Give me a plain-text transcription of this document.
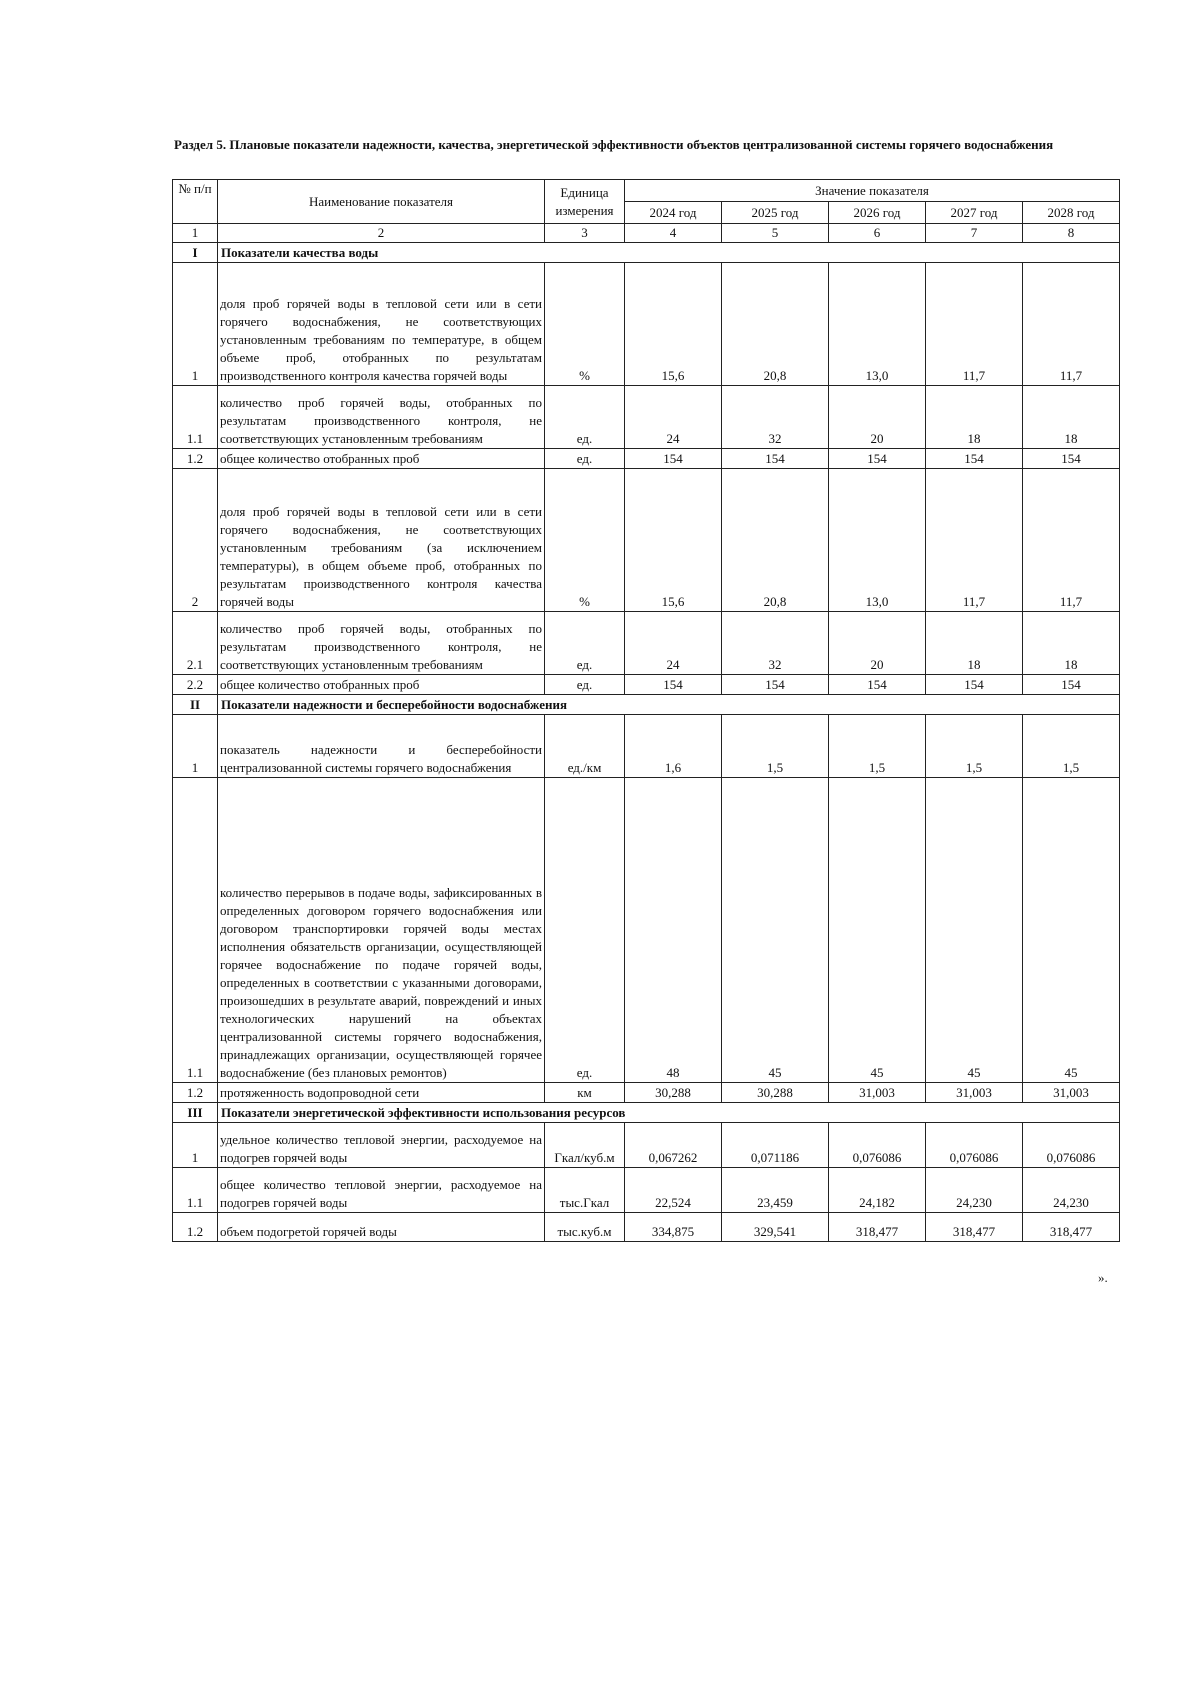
Раздел 5. Плановые показатели надежности, качества, энергетической эффективности объектов централизованной системы горячего водоснабжения
№ п/п	Наименование показателя	Единица измерения	Значение показателя				
			2024 год	2025 год	2026 год	2027 год	2028 год
1	2	3	4	5	6	7	8
I	Показатели качества воды						
1	доля проб горячей воды в тепловой сети или в сети горячего водоснабжения, не соответствующих установленным требованиям по температуре, в общем объеме проб, отобранных по результатам производственного контроля качества горячей воды	%	15,6	20,8	13,0	11,7	11,7
1.1	количество проб горячей воды, отобранных по результатам производственного контроля, не соответствующих установленным требованиям	ед.	24	32	20	18	18
1.2	общее количество отобранных проб	ед.	154	154	154	154	154
2	доля проб горячей воды в тепловой сети или в сети горячего водоснабжения, не соответствующих установленным требованиям (за исключением температуры), в общем объеме проб, отобранных по результатам производственного контроля качества горячей воды	%	15,6	20,8	13,0	11,7	11,7
2.1	количество проб горячей воды, отобранных по результатам производственного контроля, не соответствующих установленным требованиям	ед.	24	32	20	18	18
2.2	общее количество отобранных проб	ед.	154	154	154	154	154
II	Показатели надежности и бесперебойности водоснабжения						
1	показатель надежности и бесперебойности централизованной системы горячего водоснабжения	ед./км	1,6	1,5	1,5	1,5	1,5
1.1	количество перерывов в подаче воды, зафиксированных в определенных договором горячего водоснабжения или договором транспортировки горячей воды местах исполнения обязательств организации, осуществляющей горячее водоснабжение по подаче горячей воды, определенных в соответствии с указанными договорами, произошедших в результате аварий, повреждений и иных технологических нарушений на объектах централизованной системы горячего водоснабжения, принадлежащих организации, осуществляющей горячее водоснабжение (без плановых ремонтов)	ед.	48	45	45	45	45
1.2	протяженность водопроводной сети	км	30,288	30,288	31,003	31,003	31,003
III	Показатели энергетической эффективности использования ресурсов						
1	удельное количество тепловой энергии, расходуемое на подогрев горячей воды	Гкал/куб.м	0,067262	0,071186	0,076086	0,076086	0,076086
1.1	общее количество тепловой энергии, расходуемое на подогрев горячей воды	тыс.Гкал	22,524	23,459	24,182	24,230	24,230
1.2	объем подогретой горячей воды	тыс.куб.м	334,875	329,541	318,477	318,477	318,477
».
